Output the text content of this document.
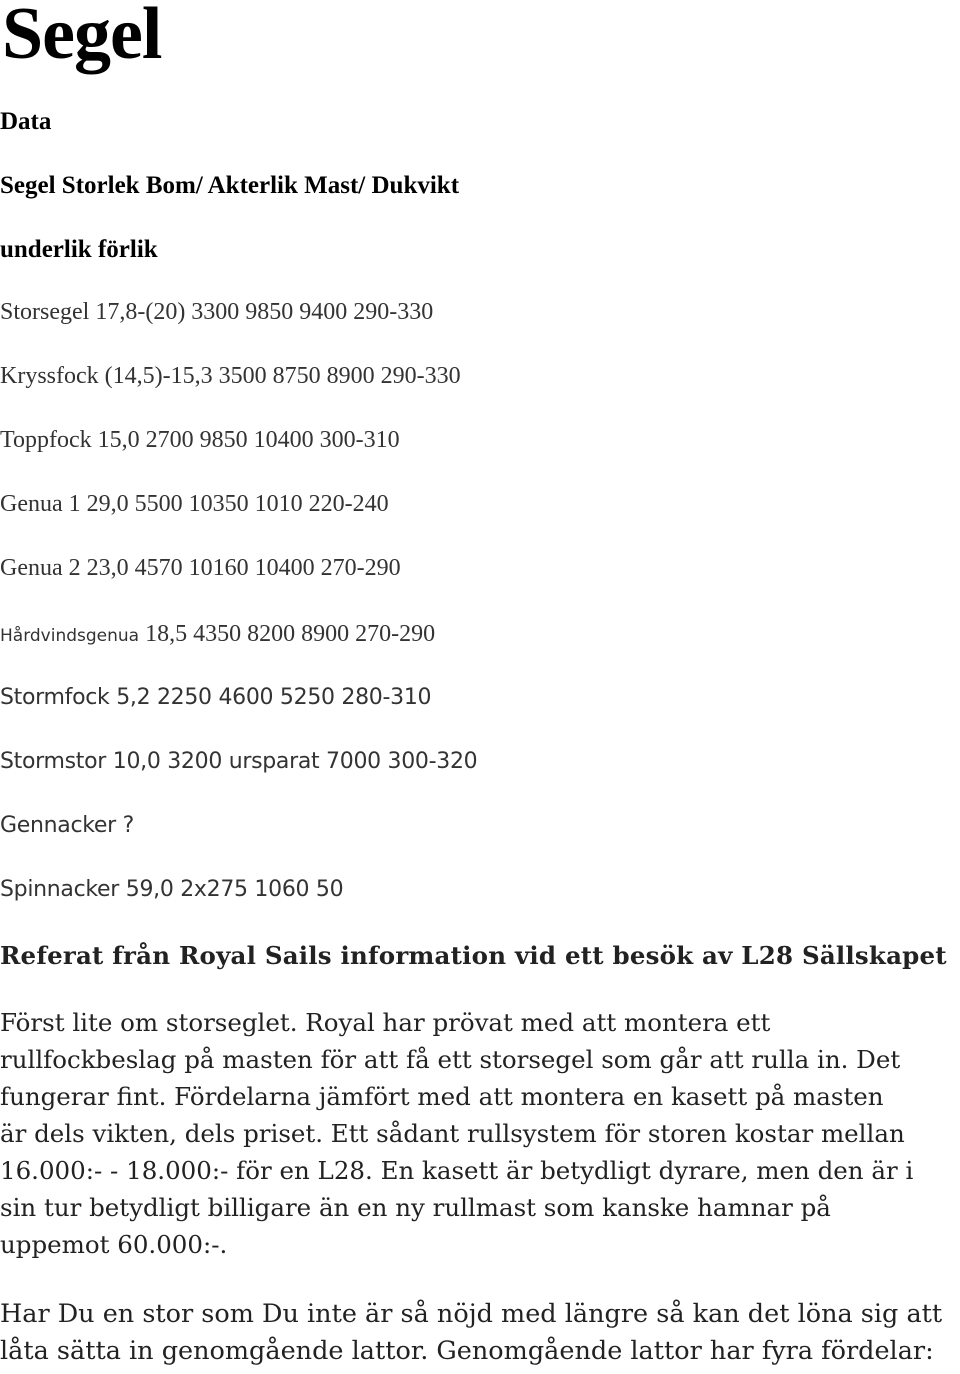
Segel

Data

Segel Storlek Bom/ Akterlik Mast/ Dukvikt

underlik förlik

Storsegel 17,8-(20) 3300 9850 9400 290-330

Kryssfock (14,5)-15,3 3500 8750 8900 290-330

Toppfock 15,0 2700 9850 10400 300-310

Genua 1 29,0 5500 10350 1010 220-240

Genua 2 23,0 4570 10160 10400 270-290

Hårdvindsgenua 18,5 4350 8200 8900 270-290

Stormfock 5,2 2250 4600 5250 280-310

Stormstor 10,0 3200 ursparat 7000 300-320

Gennacker ?

Spinnacker 59,0 2x275 1060 50

Referat från Royal Sails information vid ett besök av L28 Sällskapet
Först lite om storseglet. Royal har prövat med att montera ett
rullfockbeslag på masten för att få ett storsegel som går att rulla in. Det
fungerar fint. Fördelarna jämfört med att montera en kasett på masten
är dels vikten, dels priset. Ett sådant rullsystem för storen kostar mellan
16.000:- - 18.000:- för en L28. En kasett är betydligt dyrare, men den är i
sin tur betydligt billigare än en ny rullmast som kanske hamnar på
uppemot 60.000:-.
Har Du en stor som Du inte är så nöjd med längre så kan det löna sig att
låta sätta in genomgående lattor. Genomgående lattor har fyra fördelar:
